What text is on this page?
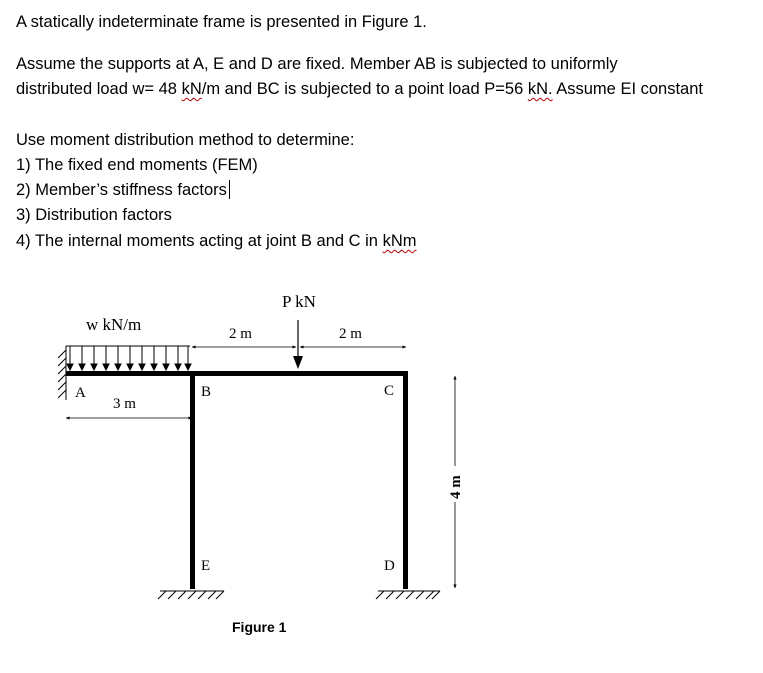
A statically indeterminate frame is presented in Figure 1.
Assume the supports at A, E and D are fixed. Member AB is subjected to uniformly
distributed load w= 48 kN/m and BC is subjected to a point load P=56 kN. Assume EI constant
Use moment distribution method to determine:
1) The fixed end moments (FEM)
2) Member’s stiffness factors
3) Distribution factors
4) The internal moments acting at joint B and C in kNm
w kN/m
P kN
3 m
2 m	2 m
4 m
A	B	C
D
E
Figure 1
